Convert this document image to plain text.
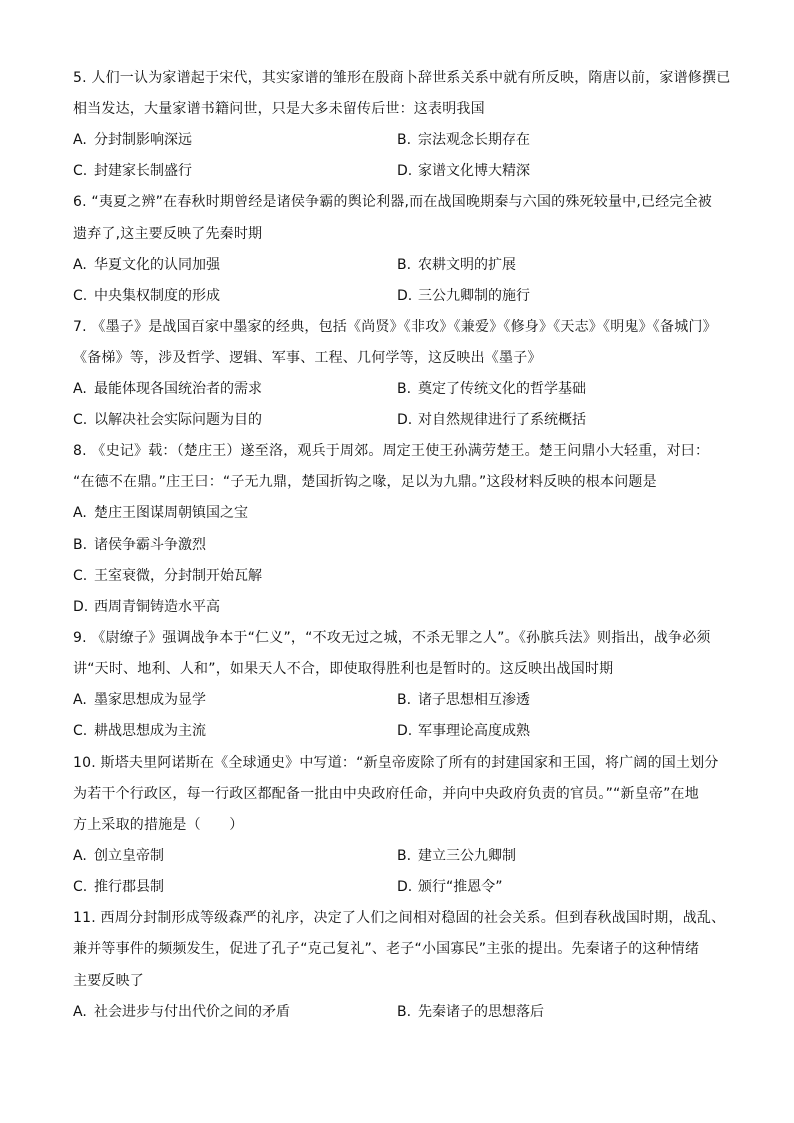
5. 人们一认为家谱起于宋代，其实家谱的雏形在殷商卜辞世系关系中就有所反映，隋唐以前，家谱修撰已
相当发达，大量家谱书籍问世，只是大多未留传后世：这表明我国
A. 分封制影响深远	B. 宗法观念长期存在
C. 封建家长制盛行	D. 家谱文化博大精深
6. “夷夏之辨”在春秋时期曾经是诸侯争霸的舆论利器,而在战国晚期秦与六国的殊死较量中,已经完全被
遗弃了,这主要反映了先秦时期
A. 华夏文化的认同加强	B. 农耕文明的扩展
C. 中央集权制度的形成	D. 三公九卿制的施行
7. 《墨子》是战国百家中墨家的经典，包括《尚贤》《非攻》《兼爱》《修身》《天志》《明鬼》《备城门》
《备梯》等，涉及哲学、逻辑、军事、工程、几何学等，这反映出《墨子》
A. 最能体现各国统治者的需求	B. 奠定了传统文化的哲学基础
C. 以解决社会实际问题为目的	D. 对自然规律进行了系统概括
8. 《史记》载：（楚庄王）遂至洛，观兵于周郊。周定王使王孙满劳楚王。楚王问鼎小大轻重，对曰：
“在德不在鼎。”庄王曰：“子无九鼎，楚国折钩之喙，足以为九鼎。”这段材料反映的根本问题是
A. 楚庄王图谋周朝镇国之宝
B. 诸侯争霸斗争激烈
C. 王室衰微，分封制开始瓦解
D. 西周青铜铸造水平高
9. 《尉缭子》强调战争本于“仁义”，“不攻无过之城，不杀无罪之人”。《孙膑兵法》则指出，战争必须
讲“天时、地利、人和”，如果天人不合，即使取得胜利也是暂时的。这反映出战国时期
A. 墨家思想成为显学	B. 诸子思想相互渗透
C. 耕战思想成为主流	D. 军事理论高度成熟
10. 斯塔夫里阿诺斯在《全球通史》中写道：“新皇帝废除了所有的封建国家和王国，将广阔的国土划分
为若干个行政区，每一行政区都配备一批由中央政府任命，并向中央政府负责的官员。”“新皇帝”在地
方上采取的措施是（　　）
A. 创立皇帝制	B. 建立三公九卿制
C. 推行郡县制	D. 颁行“推恩令”
11. 西周分封制形成等级森严的礼序，决定了人们之间相对稳固的社会关系。但到春秋战国时期，战乱、
兼并等事件的频频发生，促进了孔子“克己复礼”、老子“小国寡民”主张的提出。先秦诸子的这种情绪
主要反映了
A. 社会进步与付出代价之间的矛盾	B. 先秦诸子的思想落后
